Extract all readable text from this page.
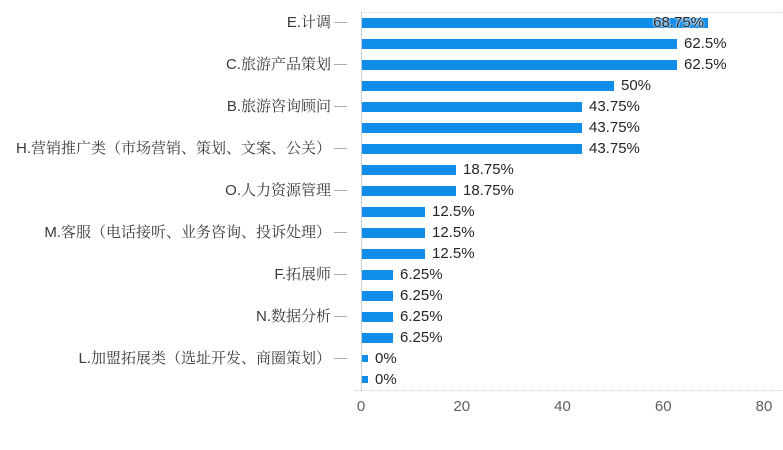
E.计调	68.75%
62.5%
C.旅游产品策划	62.5%
50%
B.旅游咨询顾问	43.75%
43.75%
H.营销推广类（市场营销、策划、文案、公关）	43.75%
18.75%
O.人力资源管理	18.75%
12.5%
M.客服（电话接听、业务咨询、投诉处理）	12.5%
12.5%
F.拓展师	6.25%
6.25%
N.数据分析	6.25%
6.25%
L.加盟拓展类（选址开发、商圈策划）	0%
0%
0	20	40	60	80
